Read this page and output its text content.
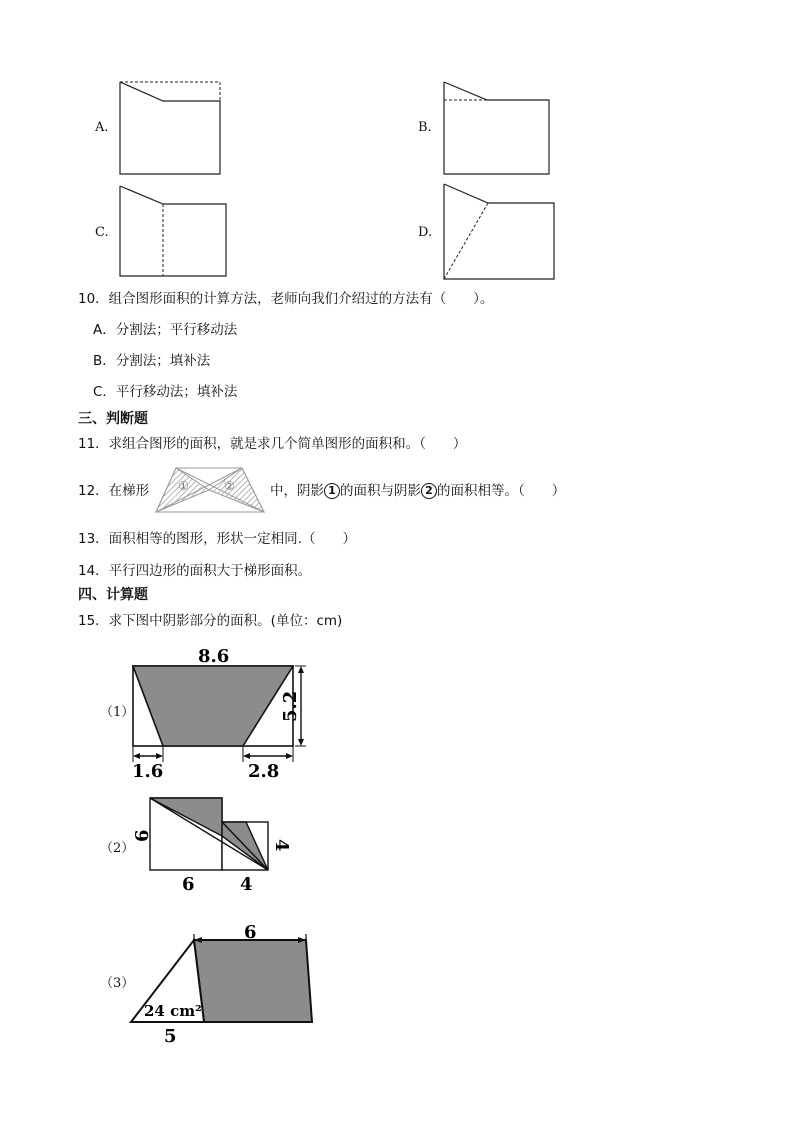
A.	B.
C.	D.
10．组合图形面积的计算方法，老师向我们介绍过的方法有（　　）。
A．分割法；平行移动法
B．分割法；填补法
C．平行移动法；填补法
三、判断题
11．求组合图形的面积，就是求几个简单图形的面积和。（　　）
12．在梯形 ①	②	中，阴影 1 的面积与阴影 2 的面积相等。（　　）
13．面积相等的图形，形状一定相同.（　　）
14．平行四边形的面积大于梯形面积。
四、计算题
15．求下图中阴影部分的面积。(单位：cm)
（1）
8.6
5.2
1.6	2.8
（2）
6
4
6	4
（3）
6
24 cm²
5
